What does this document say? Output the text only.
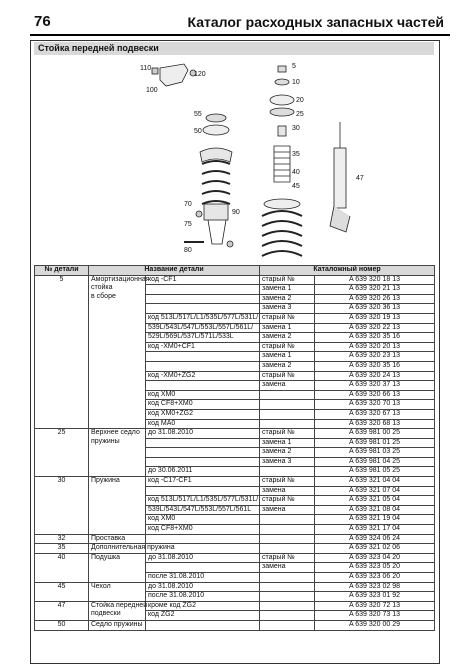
76	Каталог расходных запасных частей
Стойка передней подвески
110
120
100
5
10
20
25
55
50	30
35
40
45
47
70
90
75
80
№ детали	Название детали		Каталожный номер	
5	Амортизационная
стойка
в сборе	код -CF1	старый №	A 639 320 18 13
			замена 1	A 639 320 21 13
			замена 2	A 639 320 26 13
			замена 3	A 639 320 36 13
		код 513L/517L/L1/535L/577L/531L/	старый №	A 639 320 19 13
		539L/543L/547L/553L/557L/561L/	замена 1	A 639 320 22 13
		529L/569L/537L/571L/533L	замена 2	A 639 320 35 16
		код -XM0+CF1	старый №	A 639 320 20 13
			замена 1	A 639 320 23 13
			замена 2	A 639 320 35 16
		код -XM0+ZG2	старый №	A 639 320 24 13
			замена	A 639 320 37 13
		код XM0		A 639 320 66 13
		код CF8+XM0		A 639 320 70 13
		код XM0+ZG2		A 639 320 67 13
		код MA0		A 639 320 68 13
25	Верхнее седло
пружины	до 31.08.2010	старый №	A 639 981 00 25
			замена 1	A 639 981 01 25
			замена 2	A 639 981 03 25
			замена 3	A 639 981 04 25
		до 30.06.2011		A 639 981 05 25
30	Пружина	код -C17-CF1	старый №	A 639 321 04 04
			замена	A 639 321 07 04
		код 513L/517L/L1/535L/577L/531L/	старый №	A 639 321 05 04
		539L/543L/547L/553L/557L/561L	замена	A 639 321 08 04
		код XM0		A 639 321 19 04
		код CF8+XM0		A 639 321 17 04
32	Проставка			A 639 324 06 24
35	Дополнительная пружина			A 639 321 02 06
40	Подушка	до 31.08.2010	старый №	A 639 323 04 20
			замена	A 639 323 05 20
		после 31.08.2010		A 639 323 06 20
45	Чехол	до 31.08.2010		A 639 323 02 98
		после 31.08.2010		A 639 323 01 92
47	Стойка передней
подвески	кроме код ZG2		A 639 320 72 13
		код ZG2		A 639 320 73 13
50	Седло пружины			A 639 320 00 29
